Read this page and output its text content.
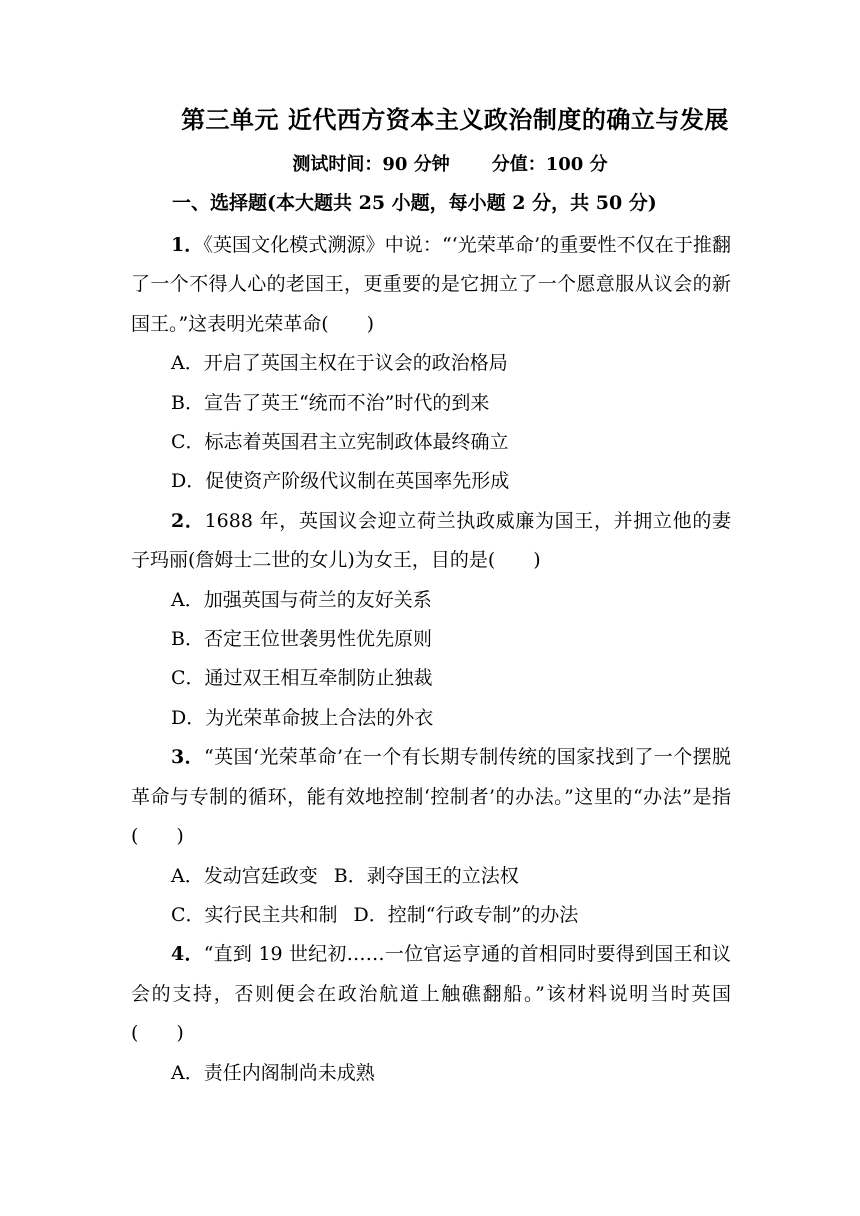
第三单元 近代西方资本主义政治制度的确立与发展
测试时间：90 分钟 分值：100 分
一、选择题(本大题共 25 小题，每小题 2 分，共 50 分)

1．《英国文化模式溯源》中说：“‘光荣革命’的重要性不仅在于推翻了一个不得人心的老国王，更重要的是它拥立了一个愿意服从议会的新国王。”这表明光荣革命(　　)

A．开启了英国主权在于议会的政治格局

B．宣告了英王“统而不治”时代的到来

C．标志着英国君主立宪制政体最终确立

D．促使资产阶级代议制在英国率先形成

2．1688 年，英国议会迎立荷兰执政威廉为国王，并拥立他的妻子玛丽(詹姆士二世的女儿)为女王，目的是(　　)

A．加强英国与荷兰的友好关系

B．否定王位世袭男性优先原则

C．通过双王相互牵制防止独裁

D．为光荣革命披上合法的外衣

3．“英国‘光荣革命’在一个有长期专制传统的国家找到了一个摆脱革命与专制的循环，能有效地控制‘控制者’的办法。”这里的“办法”是指(　　)

A．发动宫廷政变 B．剥夺国王的立法权

C．实行民主共和制 D．控制“行政专制”的办法

4．“直到 19 世纪初……一位官运亨通的首相同时要得到国王和议会的支持，否则便会在政治航道上触礁翻船。”该材料说明当时英国(　　)

A．责任内阁制尚未成熟
